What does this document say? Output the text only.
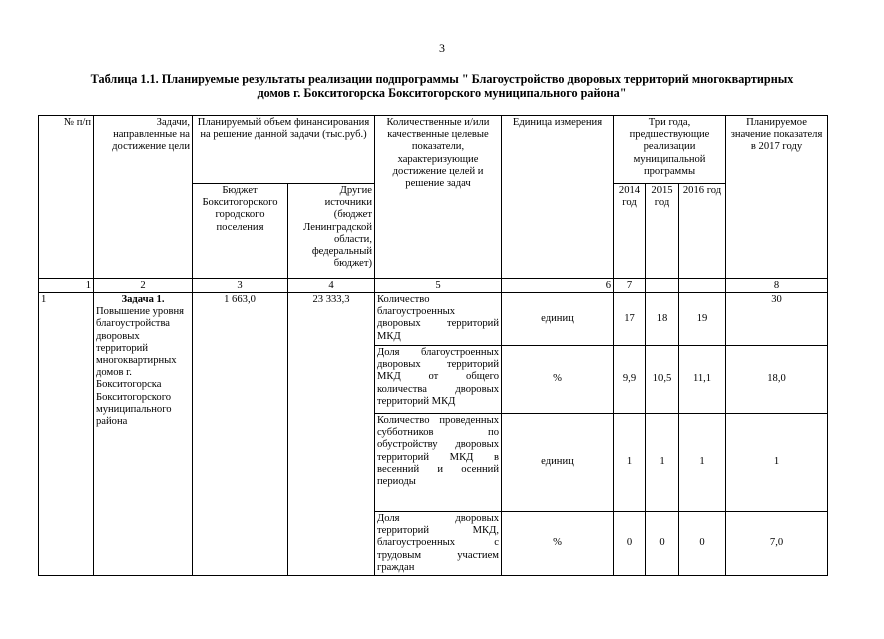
3
Таблица 1.1. Планируемые результаты реализации подпрограммы " Благоустройство дворовых территорий многоквартирных
домов г. Бокситогорска Бокситогорского муниципального района"
№ п/п	Задачи, направленные на достижение цели	Планируемый объем финансирования на решение данной задачи (тыс.руб.)		Количественные и/или качественные целевые показатели, характеризующие достижение целей и решение задач	Единица измерения	Три года, предшествующие реализации муниципальной программы			Планируемое значение показателя в 2017 году
		Бюджет Бокситогорского городского поселения	Другие источники (бюджет Ленинградской области, федеральный бюджет)			2014 год	2015 год	2016 год	
1	2	3	4	5	6	7			8
1	Задача 1.
Повышение уровня благоустройства дворовых территорий многоквартирных домов г. Бокситогорска Бокситогорского муниципального района	1 663,0	23 333,3	Количество благоустроенных дворовых территорий МКД	единиц	17	18	19	30
				Доля благоустроенных дворовых территорий МКД от общего количества дворовых территорий МКД	%	9,9	10,5	11,1	18,0
				Количество проведенных субботников по обустройству дворовых территорий МКД в весенний и осенний периоды	единиц	1	1	1	1
				Доля дворовых территорий МКД, благоустроенных с трудовым участием граждан	%	0	0	0	7,0
